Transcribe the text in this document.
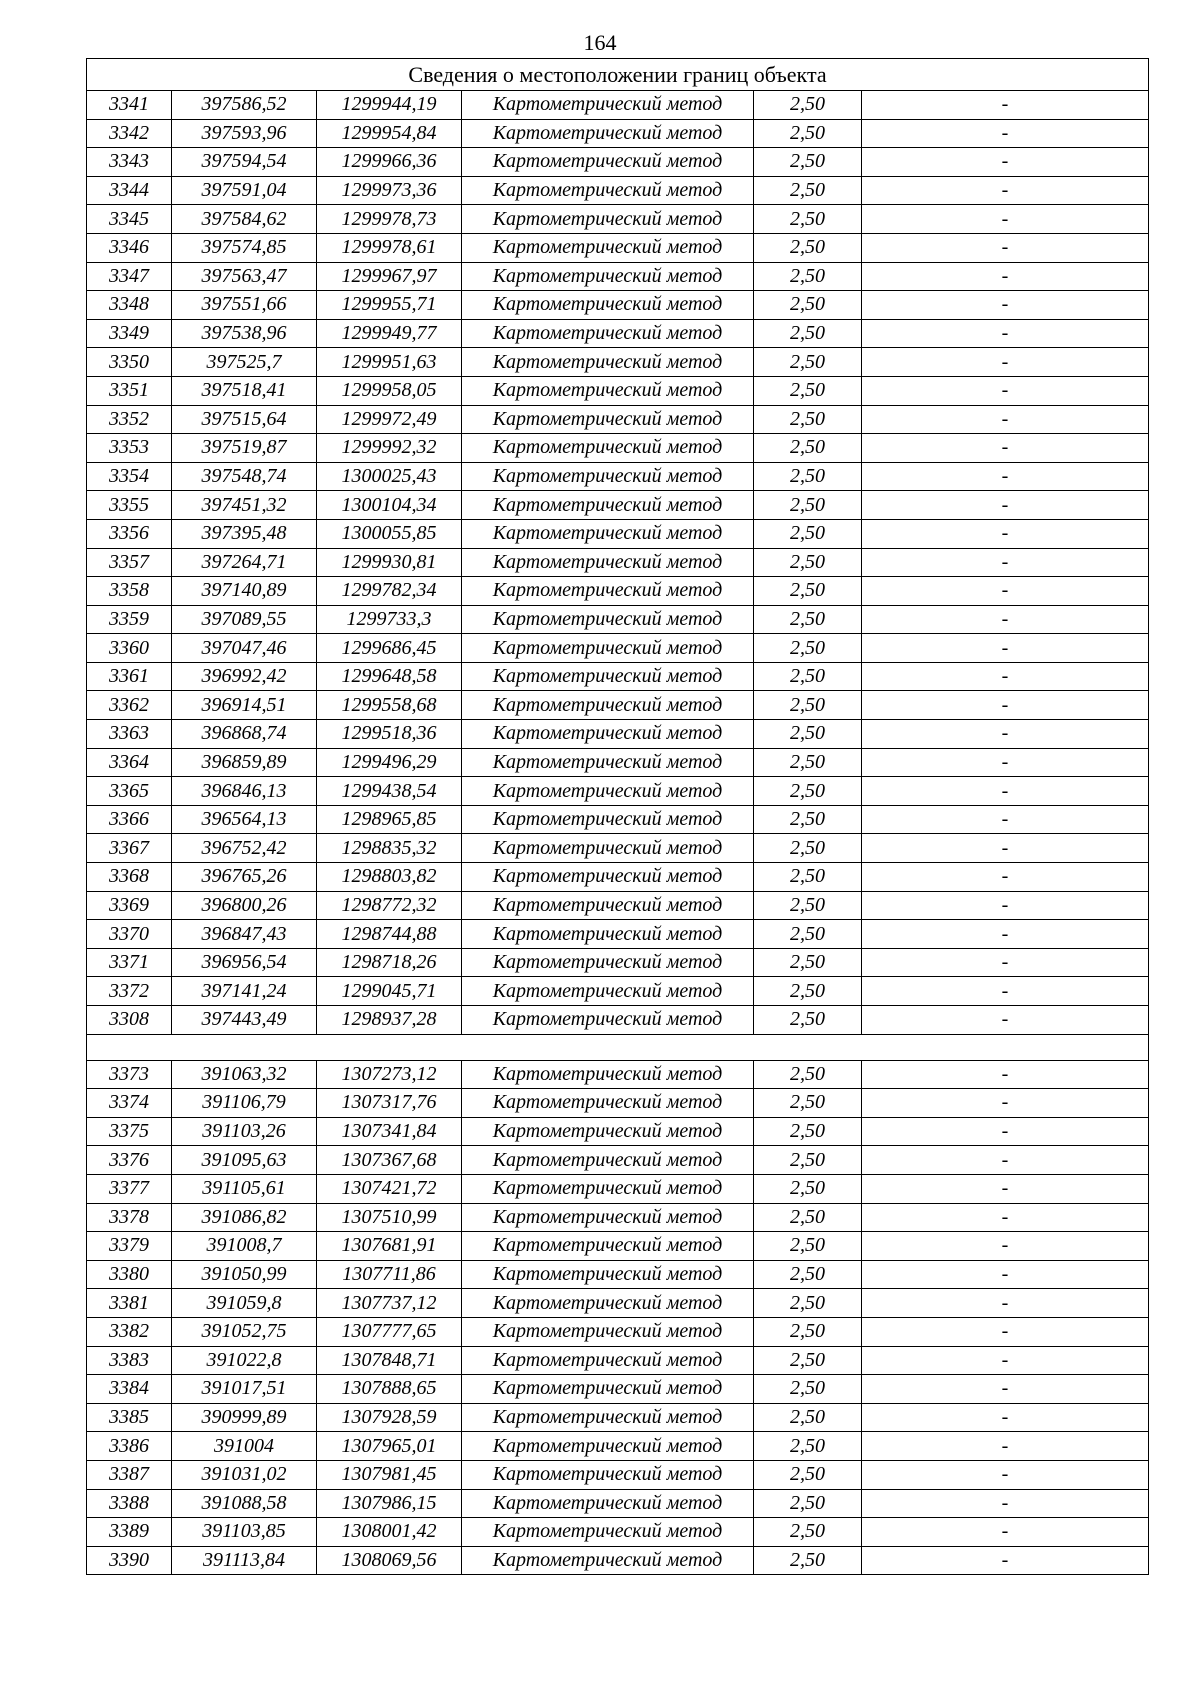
164
Сведения о местоположении границ объекта					
3341	397586,52	1299944,19	Картометрический метод	2,50	-
3342	397593,96	1299954,84	Картометрический метод	2,50	-
3343	397594,54	1299966,36	Картометрический метод	2,50	-
3344	397591,04	1299973,36	Картометрический метод	2,50	-
3345	397584,62	1299978,73	Картометрический метод	2,50	-
3346	397574,85	1299978,61	Картометрический метод	2,50	-
3347	397563,47	1299967,97	Картометрический метод	2,50	-
3348	397551,66	1299955,71	Картометрический метод	2,50	-
3349	397538,96	1299949,77	Картометрический метод	2,50	-
3350	397525,7	1299951,63	Картометрический метод	2,50	-
3351	397518,41	1299958,05	Картометрический метод	2,50	-
3352	397515,64	1299972,49	Картометрический метод	2,50	-
3353	397519,87	1299992,32	Картометрический метод	2,50	-
3354	397548,74	1300025,43	Картометрический метод	2,50	-
3355	397451,32	1300104,34	Картометрический метод	2,50	-
3356	397395,48	1300055,85	Картометрический метод	2,50	-
3357	397264,71	1299930,81	Картометрический метод	2,50	-
3358	397140,89	1299782,34	Картометрический метод	2,50	-
3359	397089,55	1299733,3	Картометрический метод	2,50	-
3360	397047,46	1299686,45	Картометрический метод	2,50	-
3361	396992,42	1299648,58	Картометрический метод	2,50	-
3362	396914,51	1299558,68	Картометрический метод	2,50	-
3363	396868,74	1299518,36	Картометрический метод	2,50	-
3364	396859,89	1299496,29	Картометрический метод	2,50	-
3365	396846,13	1299438,54	Картометрический метод	2,50	-
3366	396564,13	1298965,85	Картометрический метод	2,50	-
3367	396752,42	1298835,32	Картометрический метод	2,50	-
3368	396765,26	1298803,82	Картометрический метод	2,50	-
3369	396800,26	1298772,32	Картометрический метод	2,50	-
3370	396847,43	1298744,88	Картометрический метод	2,50	-
3371	396956,54	1298718,26	Картометрический метод	2,50	-
3372	397141,24	1299045,71	Картометрический метод	2,50	-
3308	397443,49	1298937,28	Картометрический метод	2,50	-

3373	391063,32	1307273,12	Картометрический метод	2,50	-
3374	391106,79	1307317,76	Картометрический метод	2,50	-
3375	391103,26	1307341,84	Картометрический метод	2,50	-
3376	391095,63	1307367,68	Картометрический метод	2,50	-
3377	391105,61	1307421,72	Картометрический метод	2,50	-
3378	391086,82	1307510,99	Картометрический метод	2,50	-
3379	391008,7	1307681,91	Картометрический метод	2,50	-
3380	391050,99	1307711,86	Картометрический метод	2,50	-
3381	391059,8	1307737,12	Картометрический метод	2,50	-
3382	391052,75	1307777,65	Картометрический метод	2,50	-
3383	391022,8	1307848,71	Картометрический метод	2,50	-
3384	391017,51	1307888,65	Картометрический метод	2,50	-
3385	390999,89	1307928,59	Картометрический метод	2,50	-
3386	391004	1307965,01	Картометрический метод	2,50	-
3387	391031,02	1307981,45	Картометрический метод	2,50	-
3388	391088,58	1307986,15	Картометрический метод	2,50	-
3389	391103,85	1308001,42	Картометрический метод	2,50	-
3390	391113,84	1308069,56	Картометрический метод	2,50	-
